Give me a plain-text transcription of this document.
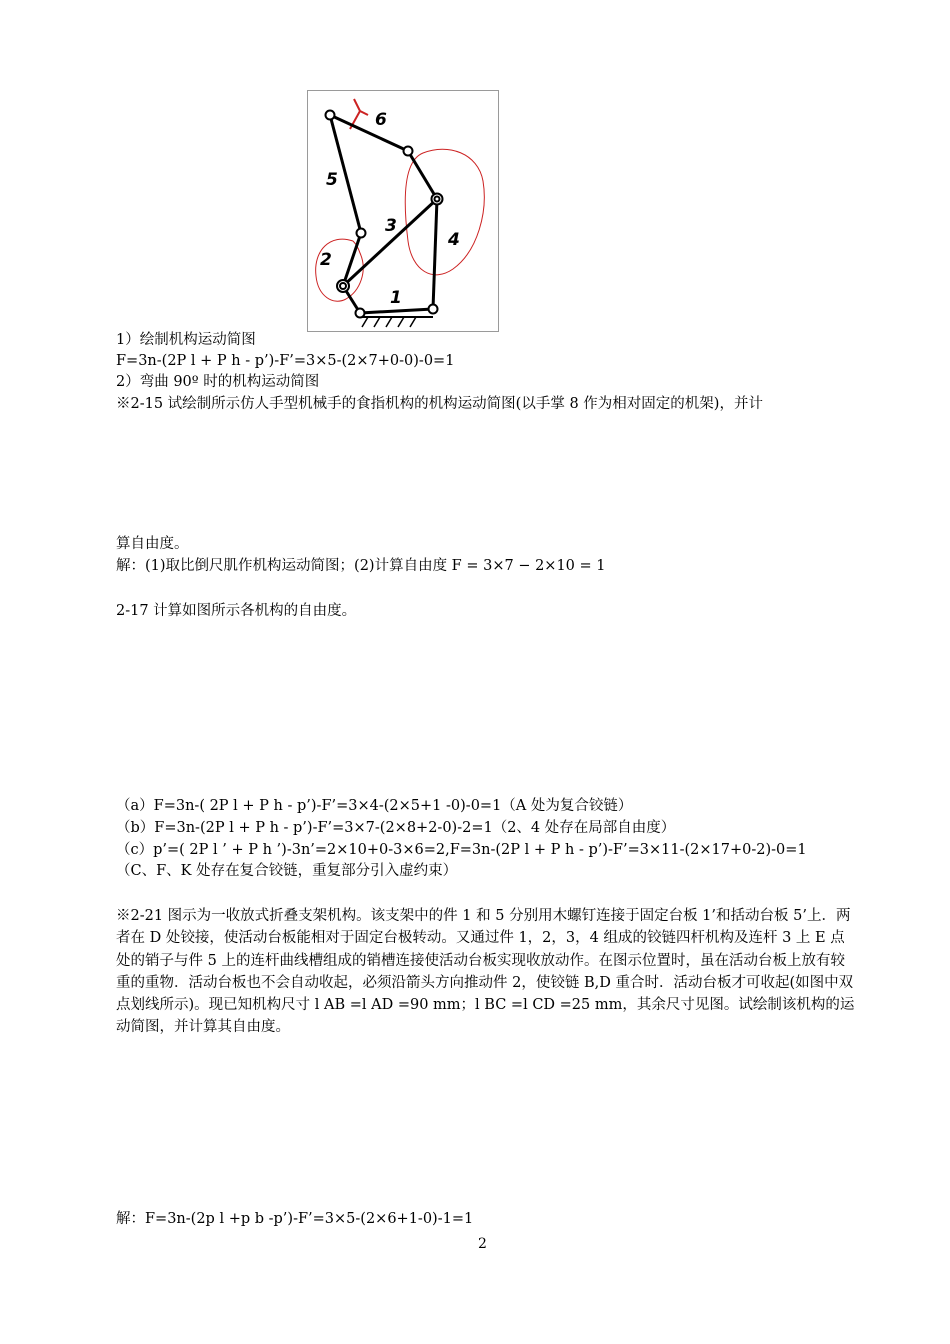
6
5
3
4
2
1
1）绘制机构运动简图
F=3n-(2P l + P h - p’)-F’=3×5-(2×7+0-0)-0=1
2）弯曲 90º 时的机构运动简图
※2-15 试绘制所示仿人手型机械手的食指机构的机构运动简图(以手掌 8 作为相对固定的机架)，并计
算自由度。
解：(1)取比倒尺肌作机构运动简图；(2)计算自由度 F = 3×7 − 2×10 = 1
2-17 计算如图所示各机构的自由度。
（a）F=3n-( 2P l + P h - p’)-F’=3×4-(2×5+1 -0)-0=1（A 处为复合铰链）
（b）F=3n-(2P l + P h - p’)-F’=3×7-(2×8+2-0)-2=1（2、4 处存在局部自由度）
（c）p’=( 2P l ’ + P h ’)-3n’=2×10+0-3×6=2,F=3n-(2P l + P h - p’)-F’=3×11-(2×17+0-2)-0=1
（C、F、K 处存在复合铰链，重复部分引入虚约束）
※2-21 图示为一收放式折叠支架机构。该支架中的件 1 和 5 分别用木螺钉连接于固定台板 1’和括动台板 5’上．两者在 D 处铰接，使活动台板能相对于固定台极转动。又通过件 1，2，3，4 组成的铰链四杆机构及连杆 3 上 E 点处的销子与件 5 上的连杆曲线槽组成的销槽连接使活动台板实现收放动作。在图示位置时，虽在活动台板上放有较重的重物．活动台板也不会自动收起，必须沿箭头方向推动件 2，使铰链 B,D 重合时．活动台板才可收起(如图中双点划线所示)。现已知机构尺寸 l AB =l AD =90 mm；l BC =l CD =25 mm，其余尺寸见图。试绘制该机构的运动简图，并计算其自由度。
解：F=3n-(2p l +p b -p’)-F’=3×5-(2×6+1-0)-1=1
2
